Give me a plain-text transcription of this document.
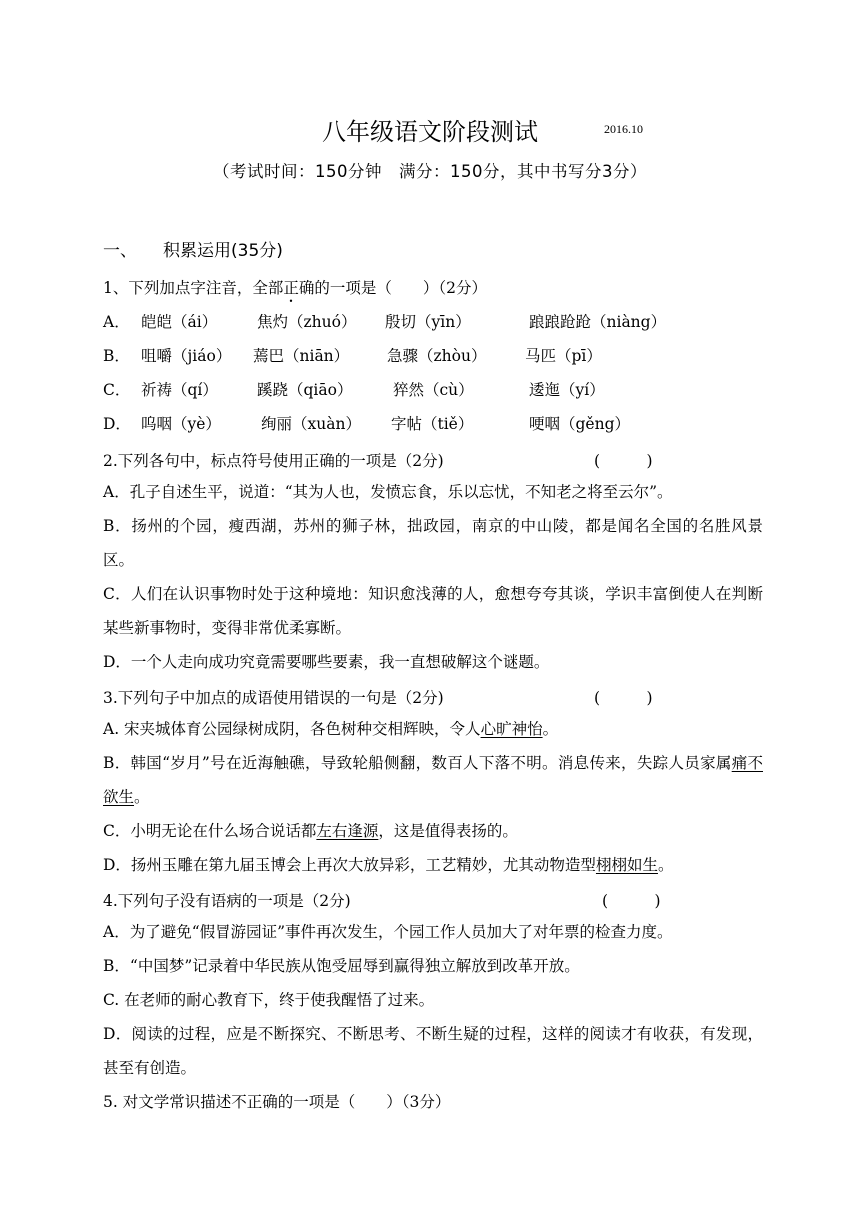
八年级语文阶段测试	2016.10
（考试时间：150分钟　满分：150分，其中书写分3分）
一、 积累运用(35分)
1、下列加点字注音，全部正确的一项是（　　）（2分）
A． 皑皑（ái）	焦灼（zhuó） 殷切（yīn）	踉踉跄跄（niàng）
B． 咀嚼（jiáo） 蔫巴（niān） 急骤（zhòu） 马匹（pī）
C． 祈祷（qí）	蹊跷（qiāo）	猝然（cù）	逶迤（yí）
D． 呜咽（yè）	绚丽（xuàn） 字帖（tiě）	哽咽（gěng）
2.下列各句中，标点符号使用正确的一项是（2分)	(　　　)
A．孔子自述生平，说道：“其为人也，发愤忘食，乐以忘忧，不知老之将至云尔”。
B．扬州的个园，瘦西湖，苏州的狮子林，拙政园，南京的中山陵，都是闻名全国的名胜风景区。
C．人们在认识事物时处于这种境地：知识愈浅薄的人，愈想夸夸其谈，学识丰富倒使人在判断某些新事物时，变得非常优柔寡断。
D．一个人走向成功究竟需要哪些要素，我一直想破解这个谜题。
3.下列句子中加点的成语使用错误的一句是（2分)	(　　　)
A. 宋夹城体育公园绿树成阴，各色树种交相辉映，令人心旷神怡。
B．韩国“岁月”号在近海触礁，导致轮船侧翻，数百人下落不明。消息传来，失踪人员家属痛不欲生。
C．小明无论在什么场合说话都左右逢源，这是值得表扬的。
D．扬州玉雕在第九届玉博会上再次大放异彩，工艺精妙，尤其动物造型栩栩如生。
4.下列句子没有语病的一项是（2分)	(　　　)
A．为了避免“假冒游园证”事件再次发生，个园工作人员加大了对年票的检查力度。
B．“中国梦”记录着中华民族从饱受屈辱到赢得独立解放到改革开放。
C. 在老师的耐心教育下，终于使我醒悟了过来。
D．阅读的过程，应是不断探究、不断思考、不断生疑的过程，这样的阅读才有收获，有发现，甚至有创造。
5. 对文学常识描述不正确的一项是（　　）（3分）
